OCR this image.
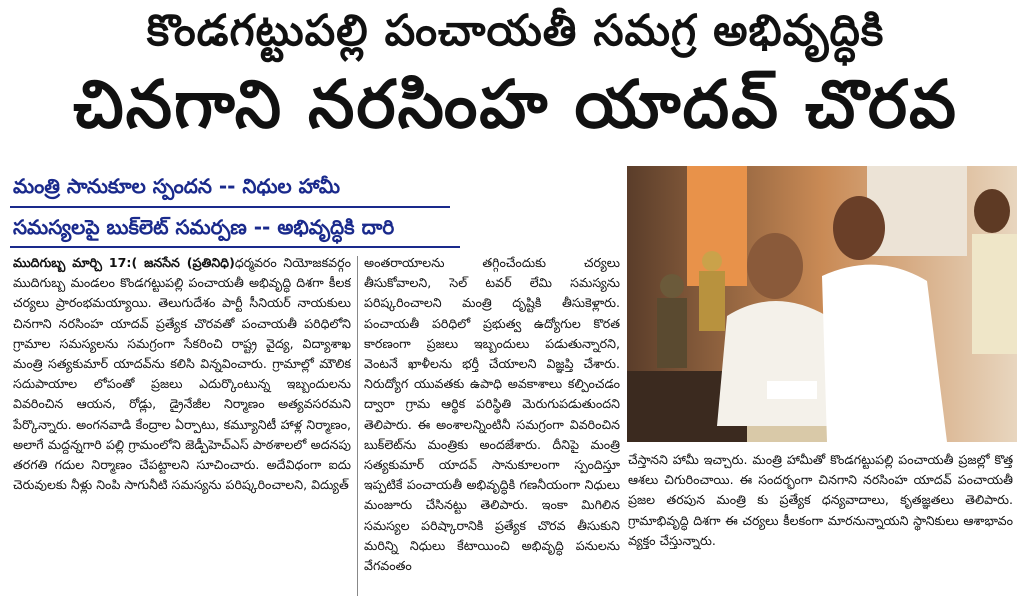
కొండగట్టుపల్లి పంచాయతీ సమగ్ర అభివృద్ధికి
చినగాని నరసింహ యాదవ్ చొరవ
మంత్రి సానుకూల స్పందన -- నిధుల హామీ
సమస్యలపై బుక్‌లెట్ సమర్పణ -- అభివృద్ధికి దారి
ముదిగుబ్బ మార్చి 17:( జనసేన (ప్రతినిధి)ధర్మవరం నియోజకవర్గం ముదిగుబ్బ మండలం కొండగట్టుపల్లి పంచాయతీ అభివృద్ధి దిశగా కీలక చర్యలు ప్రారంభమయ్యాయి. తెలుగుదేశం పార్టీ సీనియర్ నాయకులు చినగాని నరసింహ యాదవ్ ప్రత్యేక చొరవతో పంచాయతీ పరిధిలోని గ్రామాల సమస్యలను సమగ్రంగా సేకరించి రాష్ట్ర వైద్య, విద్యాశాఖ మంత్రి సత్యకుమార్ యాదవ్‌ను కలిసి విన్నవించారు. గ్రామాల్లో మౌలిక సదుపాయాల లోపంతో ప్రజలు ఎదుర్కొంటున్న ఇబ్బందులను వివరించిన ఆయన, రోడ్లు, డ్రైనేజీల నిర్మాణం అత్యవసరమని పేర్కొన్నారు. అంగనవాడి కేంద్రాల ఏర్పాటు, కమ్యూనిటీ హాళ్ల నిర్మాణం, అలాగే మద్దన్నగారి పల్లి గ్రామంలోని జెడ్పీహెచ్‌ఎస్ పాఠశాలలో అదనపు తరగతి గదుల నిర్మాణం చేపట్టాలని సూచించారు. అదేవిధంగా ఐదు చెరువులకు నీళ్లు నింపి సాగునీటి సమస్యను పరిష్కరించాలని, విద్యుత్
అంతరాయాలను తగ్గించేందుకు చర్యలు తీసుకోవాలని, సెల్ టవర్ లేమి సమస్యను పరిష్కరించాలని మంత్రి దృష్టికి తీసుకెళ్లారు. పంచాయతీ పరిధిలో ప్రభుత్వ ఉద్యోగుల కొరత కారణంగా ప్రజలు ఇబ్బందులు పడుతున్నారని, వెంటనే ఖాళీలను భర్తీ చేయాలని విజ్ఞప్తి చేశారు. నిరుద్యోగ యువతకు ఉపాధి అవకాశాలు కల్పించడం ద్వారా గ్రామ ఆర్థిక పరిస్థితి మెరుగుపడుతుందని తెలిపారు. ఈ అంశాలన్నింటినీ సమగ్రంగా వివరించిన బుక్‌లెట్‌ను మంత్రికు అందజేశారు. దీనిపై మంత్రి సత్యకుమార్ యాదవ్ సానుకూలంగా స్పందిస్తూ ఇప్పటికే పంచాయతీ అభివృద్ధికి గణనీయంగా నిధులు మంజూరు చేసినట్టు తెలిపారు. ఇంకా మిగిలిన సమస్యల పరిష్కారానికి ప్రత్యేక చొరవ తీసుకుని మరిన్ని నిధులు కేటాయించి అభివృద్ధి పనులను వేగవంతం
చేస్తానని హామీ ఇచ్చారు. మంత్రి హామీతో కొండగట్టుపల్లి పంచాయతీ ప్రజల్లో కొత్త ఆశలు చిగురించాయి. ఈ సందర్భంగా చినగాని నరసింహ యాదవ్ పంచాయతీ ప్రజల తరపున మంత్రి కు ప్రత్యేక ధన్యవాదాలు, కృతజ్ఞతలు తెలిపారు. గ్రామాభివృద్ధి దిశగా ఈ చర్యలు కీలకంగా మారనున్నాయని స్థానికులు ఆశాభావం వ్యక్తం చేస్తున్నారు.
